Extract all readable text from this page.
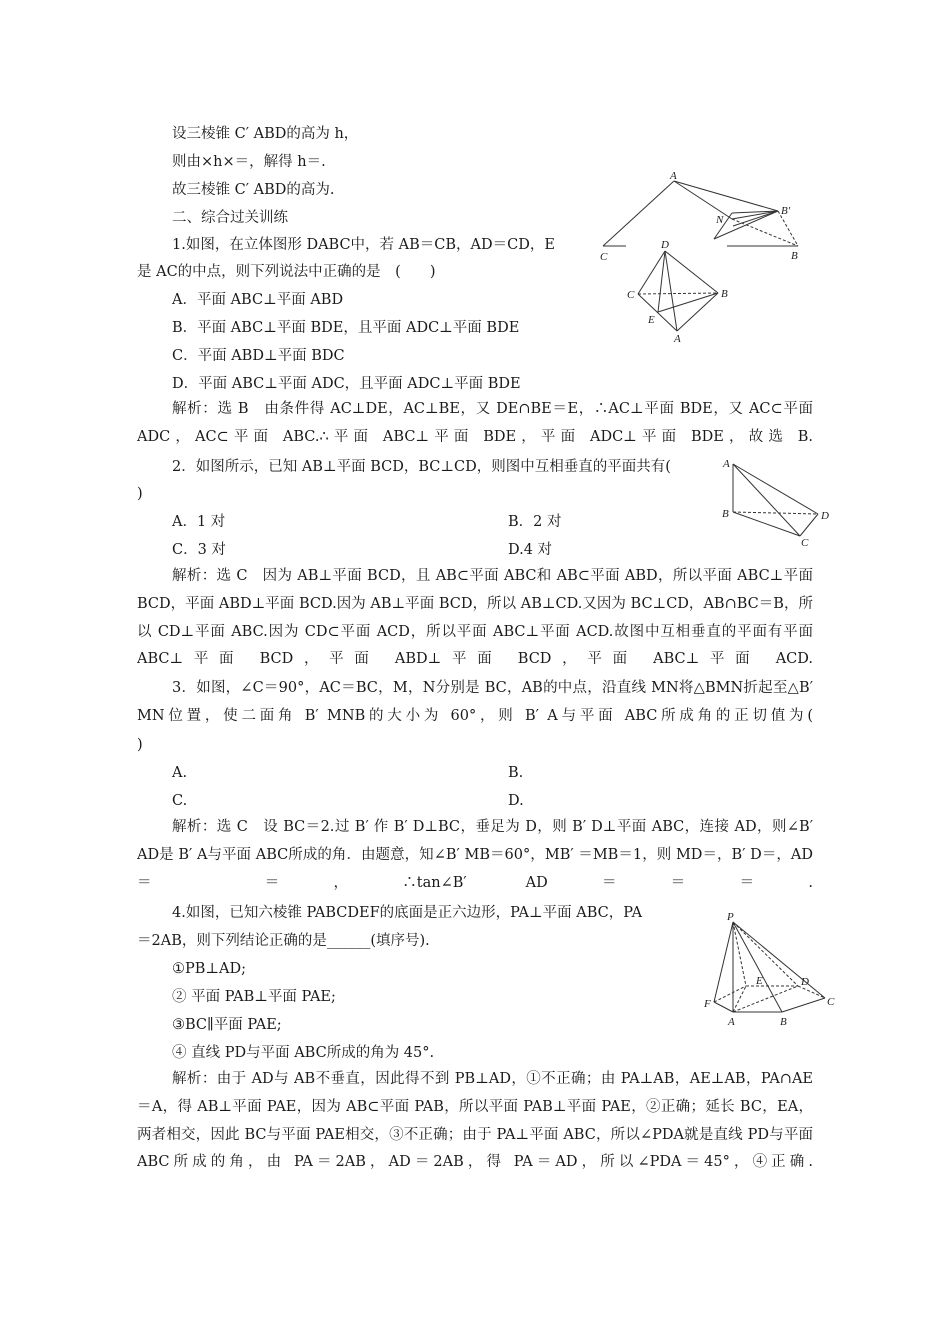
设三棱锥 C′ ABD的高为 h，
则由×h×＝，解得 h＝.
故三棱锥 C′ ABD的高为.
二、综合过关训练
1.如图，在立体图形 DABC中，若 AB＝CB，AD＝CD，E
是 AC的中点，则下列说法中正确的是　(　　)
A．平面 ABC⊥平面 ABD
B．平面 ABC⊥平面 BDE，且平面 ADC⊥平面 BDE
C．平面 ABD⊥平面 BDC
D．平面 ABC⊥平面 ADC，且平面 ADC⊥平面 BDE
解析：选 B　由条件得 AC⊥DE，AC⊥BE，又 DE∩BE＝E，∴AC⊥平面 BDE，又 AC⊂平面 ADC，AC⊂平面 ABC.∴平面 ABC⊥平面 BDE，平面 ADC⊥平面 BDE，故选 B.
2．如图所示，已知 AB⊥平面 BCD，BC⊥CD，则图中互相垂直的平面共有(
)
A．1 对	B．2 对
C．3 对	D.4 对
解析：选 C　因为 AB⊥平面 BCD，且 AB⊂平面 ABC和 AB⊂平面 ABD，所以平面 ABC⊥平面 BCD，平面 ABD⊥平面 BCD.因为 AB⊥平面 BCD，所以 AB⊥CD.又因为 BC⊥CD，AB∩BC＝B，所以 CD⊥平面 ABC.因为 CD⊂平面 ACD，所以平面 ABC⊥平面 ACD.故图中互相垂直的平面有平面 ABC⊥平面 BCD，平面 ABD⊥平面 BCD，平面 ABC⊥平面 ACD.
3．如图，∠C＝90°，AC＝BC，M，N分别是 BC，AB的中点，沿直线 MN将△BMN折起至△B′ MN位置，使二面角 B′ MNB的大小为 60°，则 B′ A与平面 ABC所成角的正切值为(
)
A.	B.
C.	D.
解析：选 C　设 BC＝2.过 B′ 作 B′ D⊥BC，垂足为 D，则 B′ D⊥平面 ABC，连接 AD，则∠B′ AD是 B′ A与平面 ABC所成的角．由题意，知∠B′ MB＝60°，MB′ ＝MB＝1，则 MD＝，B′ D＝，AD＝ ＝，∴tan∠B′ AD＝＝＝.
4.如图，已知六棱锥 PABCDEF的底面是正六边形，PA⊥平面 ABC，PA
＝2AB，则下列结论正确的是______(填序号).
①PB⊥AD;
② 平面 PAB⊥平面 PAE;
③BC∥平面 PAE;
④ 直线 PD与平面 ABC所成的角为 45°.
解析：由于 AD与 AB不垂直，因此得不到 PB⊥AD，①不正确；由 PA⊥AB，AE⊥AB，PA∩AE＝A，得 AB⊥平面 PAE，因为 AB⊂平面 PAB，所以平面 PAB⊥平面 PAE，②正确；延长 BC，EA，两者相交，因此 BC与平面 PAE相交，③不正确；由于 PA⊥平面 ABC，所以∠PDA就是直线 PD与平面 ABC所成的角，由 PA＝2AB，AD＝2AB，得 PA＝AD，所以∠PDA＝45°，④正确.
A
B′
N
C	B
D
C	B
E
A
A
B	D
C
P
F
E	D
C
A	B
